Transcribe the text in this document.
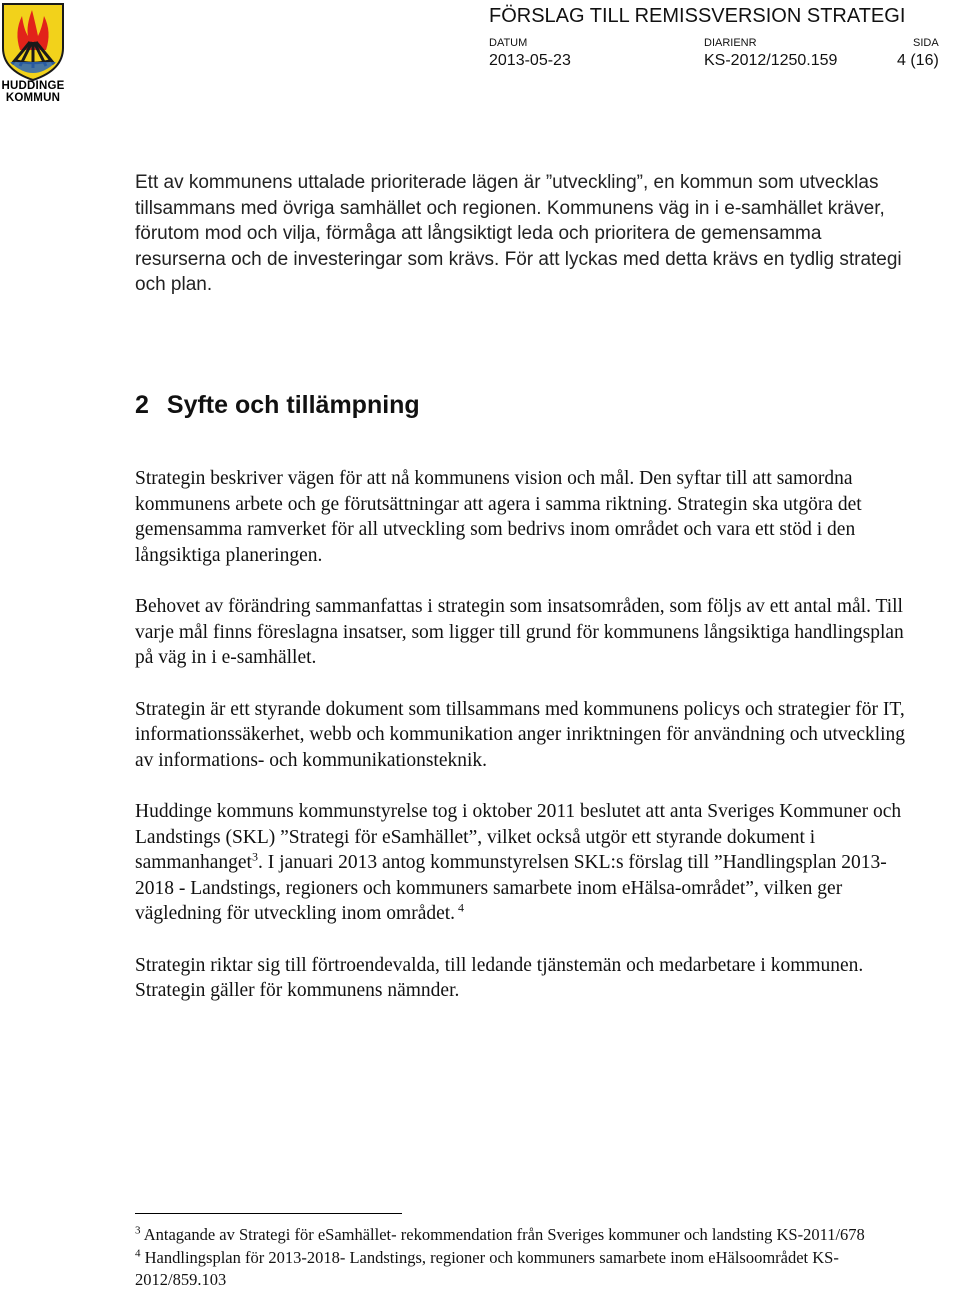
HUDDINGE KOMMUN
FÖRSLAG TILL REMISSVERSION STRATEGI
DATUM
2013-05-23
DIARIENR
KS-2012/1250.159
SIDA
4 (16)

Ett av kommunens uttalade prioriterade lägen är ”utveckling”, en kommun som utvecklas tillsammans med övriga samhället och regionen. Kommunens väg in i e-samhället kräver, förutom mod och vilja, förmåga att långsiktigt leda och prioritera de gemensamma resurserna och de investeringar som krävs. För att lyckas med detta krävs en tydlig strategi och plan.

2 Syfte och tillämpning

Strategin beskriver vägen för att nå kommunens vision och mål. Den syftar till att samordna kommunens arbete och ge förutsättningar att agera i samma riktning. Strategin ska utgöra det gemensamma ramverket för all utveckling som bedrivs inom området och vara ett stöd i den långsiktiga planeringen.

Behovet av förändring sammanfattas i strategin som insatsområden, som följs av ett antal mål. Till varje mål finns föreslagna insatser, som ligger till grund för kommunens långsiktiga handlingsplan på väg in i e-samhället.

Strategin är ett styrande dokument som tillsammans med kommunens policys och strategier för IT, informationssäkerhet, webb och kommunikation anger inriktningen för användning och utveckling av informations- och kommunikationsteknik.

Huddinge kommuns kommunstyrelse tog i oktober 2011 beslutet att anta Sveriges Kommuner och Landstings (SKL) ”Strategi för eSamhället”, vilket också utgör ett styrande dokument i sammanhanget$^3$. I januari 2013 antog kommunstyrelsen SKL:s förslag till ”Handlingsplan 2013-2018 - Landstings, regioners och kommuners samarbete inom eHälsa-området”, vilken ger vägledning för utveckling inom området. $^4$

Strategin riktar sig till förtroendevalda, till ledande tjänstemän och medarbetare i kommunen. Strategin gäller för kommunens nämnder.

$^3$ Antagande av Strategi för eSamhället- rekommendation från Sveriges kommuner och landsting KS-2011/678

$^4$ Handlingsplan för 2013-2018- Landstings, regioner och kommuners samarbete inom eHälsoområdet KS-2012/859.103
